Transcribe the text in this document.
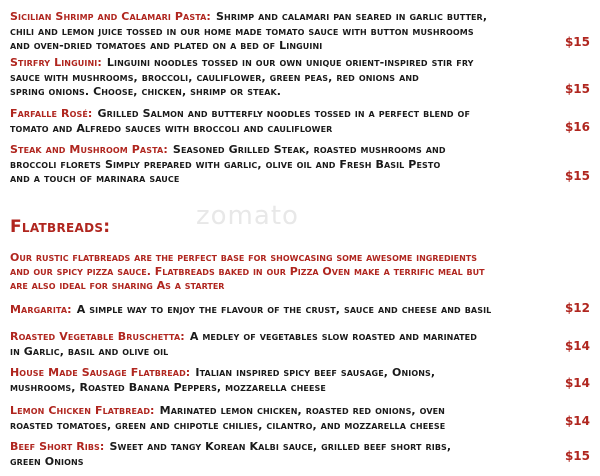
zomato
Sicilian Shrimp and Calamari Pasta: Shrimp and calamari pan seared in garlic butter,
chili and lemon juice tossed in our home made tomato sauce with button mushrooms
and oven-dried tomatoes and plated on a bed of Linguini	$15
Stirfry Linguini: Linguini noodles tossed in our own unique orient-inspired stir fry
sauce with mushrooms, broccoli, cauliflower, green peas, red onions and
spring onions. Choose, chicken, shrimp or steak.	$15
Farfalle Rosé: Grilled Salmon and butterfly noodles tossed in a perfect blend of
tomato and Alfredo sauces with broccoli and cauliflower	$16
Steak and Mushroom Pasta: Seasoned Grilled Steak, roasted mushrooms and
broccoli florets Simply prepared with garlic, olive oil and Fresh Basil Pesto
and a touch of marinara sauce	$15
Flatbreads:
Our rustic flatbreads are the perfect base for showcasing some awesome ingredients
and our spicy pizza sauce. Flatbreads baked in our Pizza Oven make a terrific meal but
are also ideal for sharing As a starter
Margarita: A simple way to enjoy the flavour of the crust, sauce and cheese and basil	$12
Roasted Vegetable Bruschetta: A medley of vegetables slow roasted and marinated
in Garlic, basil and olive oil	$14
House Made Sausage Flatbread: Italian inspired spicy beef sausage, Onions,
mushrooms, Roasted Banana Peppers, mozzarella cheese	$14
Lemon Chicken Flatbread: Marinated lemon chicken, roasted red onions, oven
roasted tomatoes, green and chipotle chilies, cilantro, and mozzarella cheese	$14
Beef Short Ribs: Sweet and tangy Korean Kalbi sauce, grilled beef short ribs,
green Onions	$15
